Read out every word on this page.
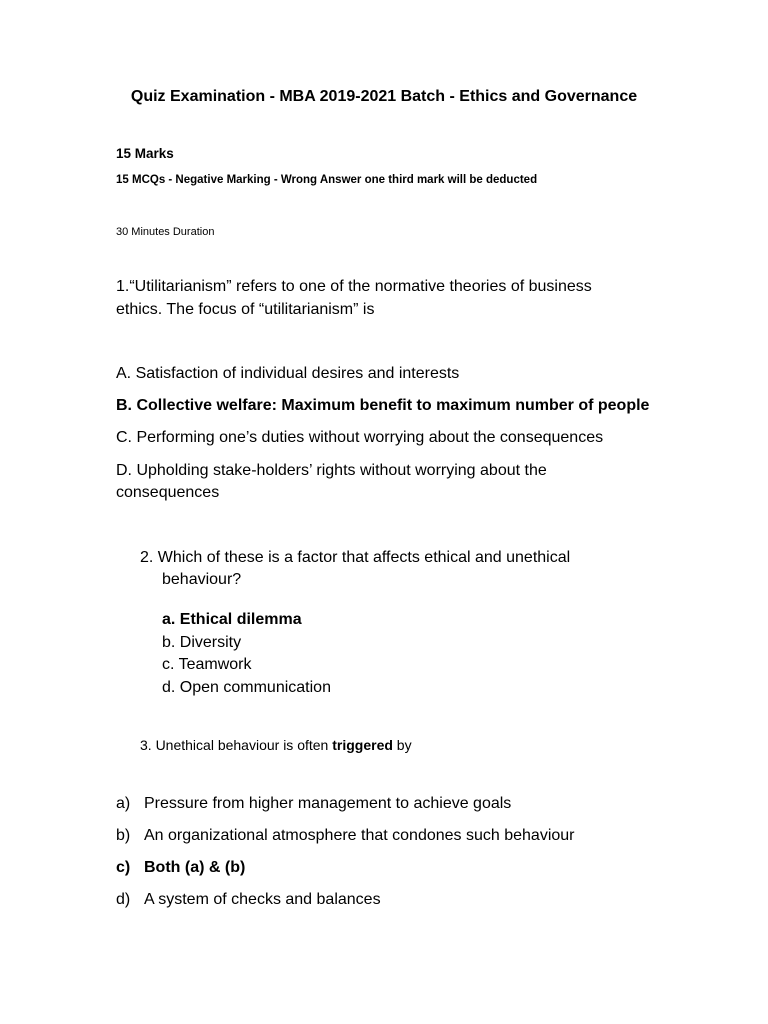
Quiz Examination - MBA 2019-2021 Batch - Ethics and Governance
15 Marks
15 MCQs - Negative Marking - Wrong Answer one third mark will be deducted
30 Minutes Duration
1.“Utilitarianism” refers to one of the normative theories of business
ethics. The focus of “utilitarianism” is
A. Satisfaction of individual desires and interests
B. Collective welfare: Maximum benefit to maximum number of people
C. Performing one’s duties without worrying about the consequences
D. Upholding stake-holders’ rights without worrying about the
consequences
2. Which of these is a factor that affects ethical and unethical
behaviour?
a. Ethical dilemma
b. Diversity
c. Teamwork
d. Open communication
3. Unethical behaviour is often triggered by
a) Pressure from higher management to achieve goals
b) An organizational atmosphere that condones such behaviour
c) Both (a) & (b)
d) A system of checks and balances
